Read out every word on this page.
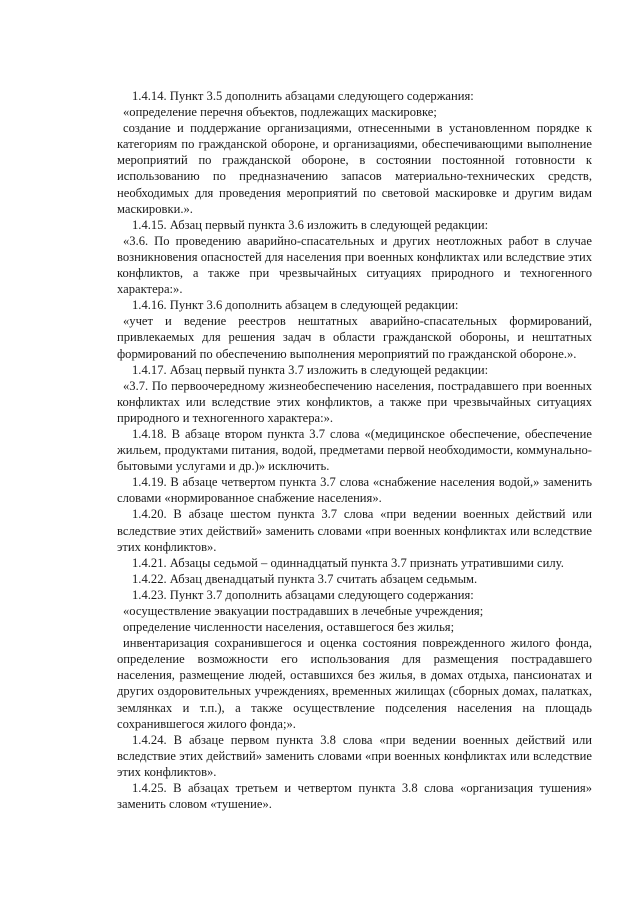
1.4.14. Пункт 3.5 дополнить абзацами следующего содержания:

«определение перечня объектов, подлежащих маскировке;

создание и поддержание организациями, отнесенными в установленном порядке к категориям по гражданской обороне, и организациями, обеспечивающими выполнение мероприятий по гражданской обороне, в состоянии постоянной готовности к использованию по предназначению запасов материально-технических средств, необходимых для проведения мероприятий по световой маскировке и другим видам маскировки.».

1.4.15. Абзац первый пункта 3.6 изложить в следующей редакции:

«3.6. По проведению аварийно-спасательных и других неотложных работ в случае возникновения опасностей для населения при военных конфликтах или вследствие этих конфликтов, а также при чрезвычайных ситуациях природного и техногенного характера:».

1.4.16. Пункт 3.6 дополнить абзацем в следующей редакции:

«учет и ведение реестров нештатных аварийно-спасательных формирований, привлекаемых для решения задач в области гражданской обороны, и нештатных формирований по обеспечению выполнения мероприятий по гражданской обороне.».

1.4.17. Абзац первый пункта 3.7 изложить в следующей редакции:

«3.7. По первоочередному жизнеобеспечению населения, пострадавшего при военных конфликтах или вследствие этих конфликтов, а также при чрезвычайных ситуациях природного и техногенного характера:».

1.4.18. В абзаце втором пункта 3.7 слова «(медицинское обеспечение, обеспечение жильем, продуктами питания, водой, предметами первой необходимости, коммунально-бытовыми услугами и др.)» исключить.

1.4.19. В абзаце четвертом пункта 3.7 слова «снабжение населения водой,» заменить словами «нормированное снабжение населения».

1.4.20. В абзаце шестом пункта 3.7 слова «при ведении военных действий или вследствие этих действий» заменить словами «при военных конфликтах или вследствие этих конфликтов».

1.4.21. Абзацы седьмой – одиннадцатый пункта 3.7 признать утратившими силу.

1.4.22. Абзац двенадцатый пункта 3.7 считать абзацем седьмым.

1.4.23. Пункт 3.7 дополнить абзацами следующего содержания:

«осуществление эвакуации пострадавших в лечебные учреждения;

определение численности населения, оставшегося без жилья;

инвентаризация сохранившегося и оценка состояния поврежденного жилого фонда, определение возможности его использования для размещения пострадавшего населения, размещение людей, оставшихся без жилья, в домах отдыха, пансионатах и других оздоровительных учреждениях, временных жилищах (сборных домах, палатках, землянках и т.п.), а также осуществление подселения населения на площадь сохранившегося жилого фонда;».

1.4.24. В абзаце первом пункта 3.8 слова «при ведении военных действий или вследствие этих действий» заменить словами «при военных конфликтах или вследствие этих конфликтов».

1.4.25. В абзацах третьем и четвертом пункта 3.8 слова «организация тушения» заменить словом «тушение».
